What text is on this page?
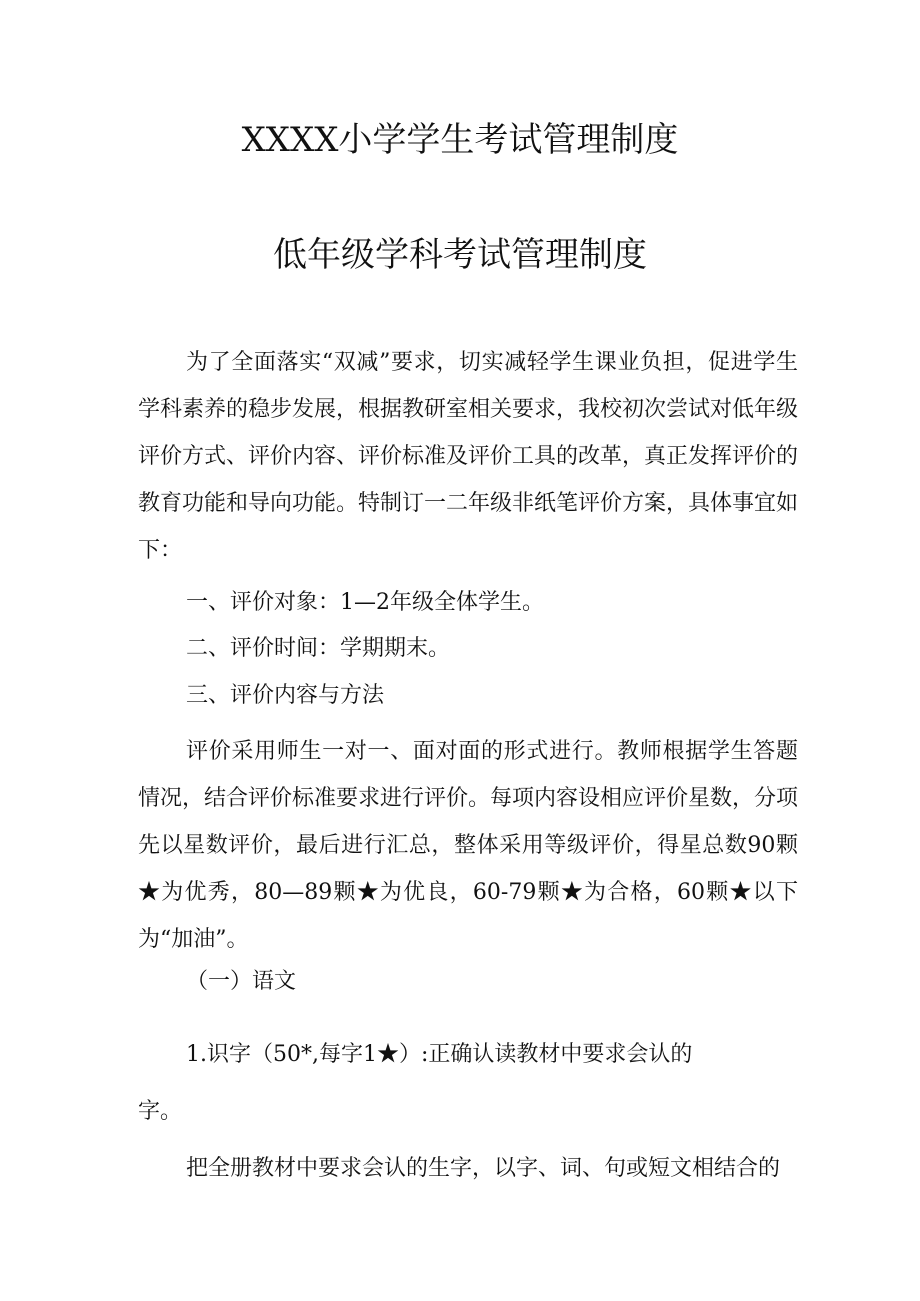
XXXX小学学生考试管理制度
低年级学科考试管理制度

为了全面落实“双减”要求，切实减轻学生课业负担，促进学生学科素养的稳步发展，根据教研室相关要求，我校初次尝试对低年级评价方式、评价内容、评价标准及评价工具的改革，真正发挥评价的教育功能和导向功能。特制订一二年级非纸笔评价方案，具体事宜如下：

一、评价对象：1—2年级全体学生。

二、评价时间：学期期末。

三、评价内容与方法

评价采用师生一对一、面对面的形式进行。教师根据学生答题情况，结合评价标准要求进行评价。每项内容设相应评价星数，分项先以星数评价，最后进行汇总，整体采用等级评价，得星总数90颗★为优秀，80—89颗★为优良，60-79颗★为合格，60颗★以下为“加油”。

（一）语文

1.识字（50*,每字1★）:正确认读教材中要求会认的

字。

把全册教材中要求会认的生字，以字、词、句或短文相结合的
